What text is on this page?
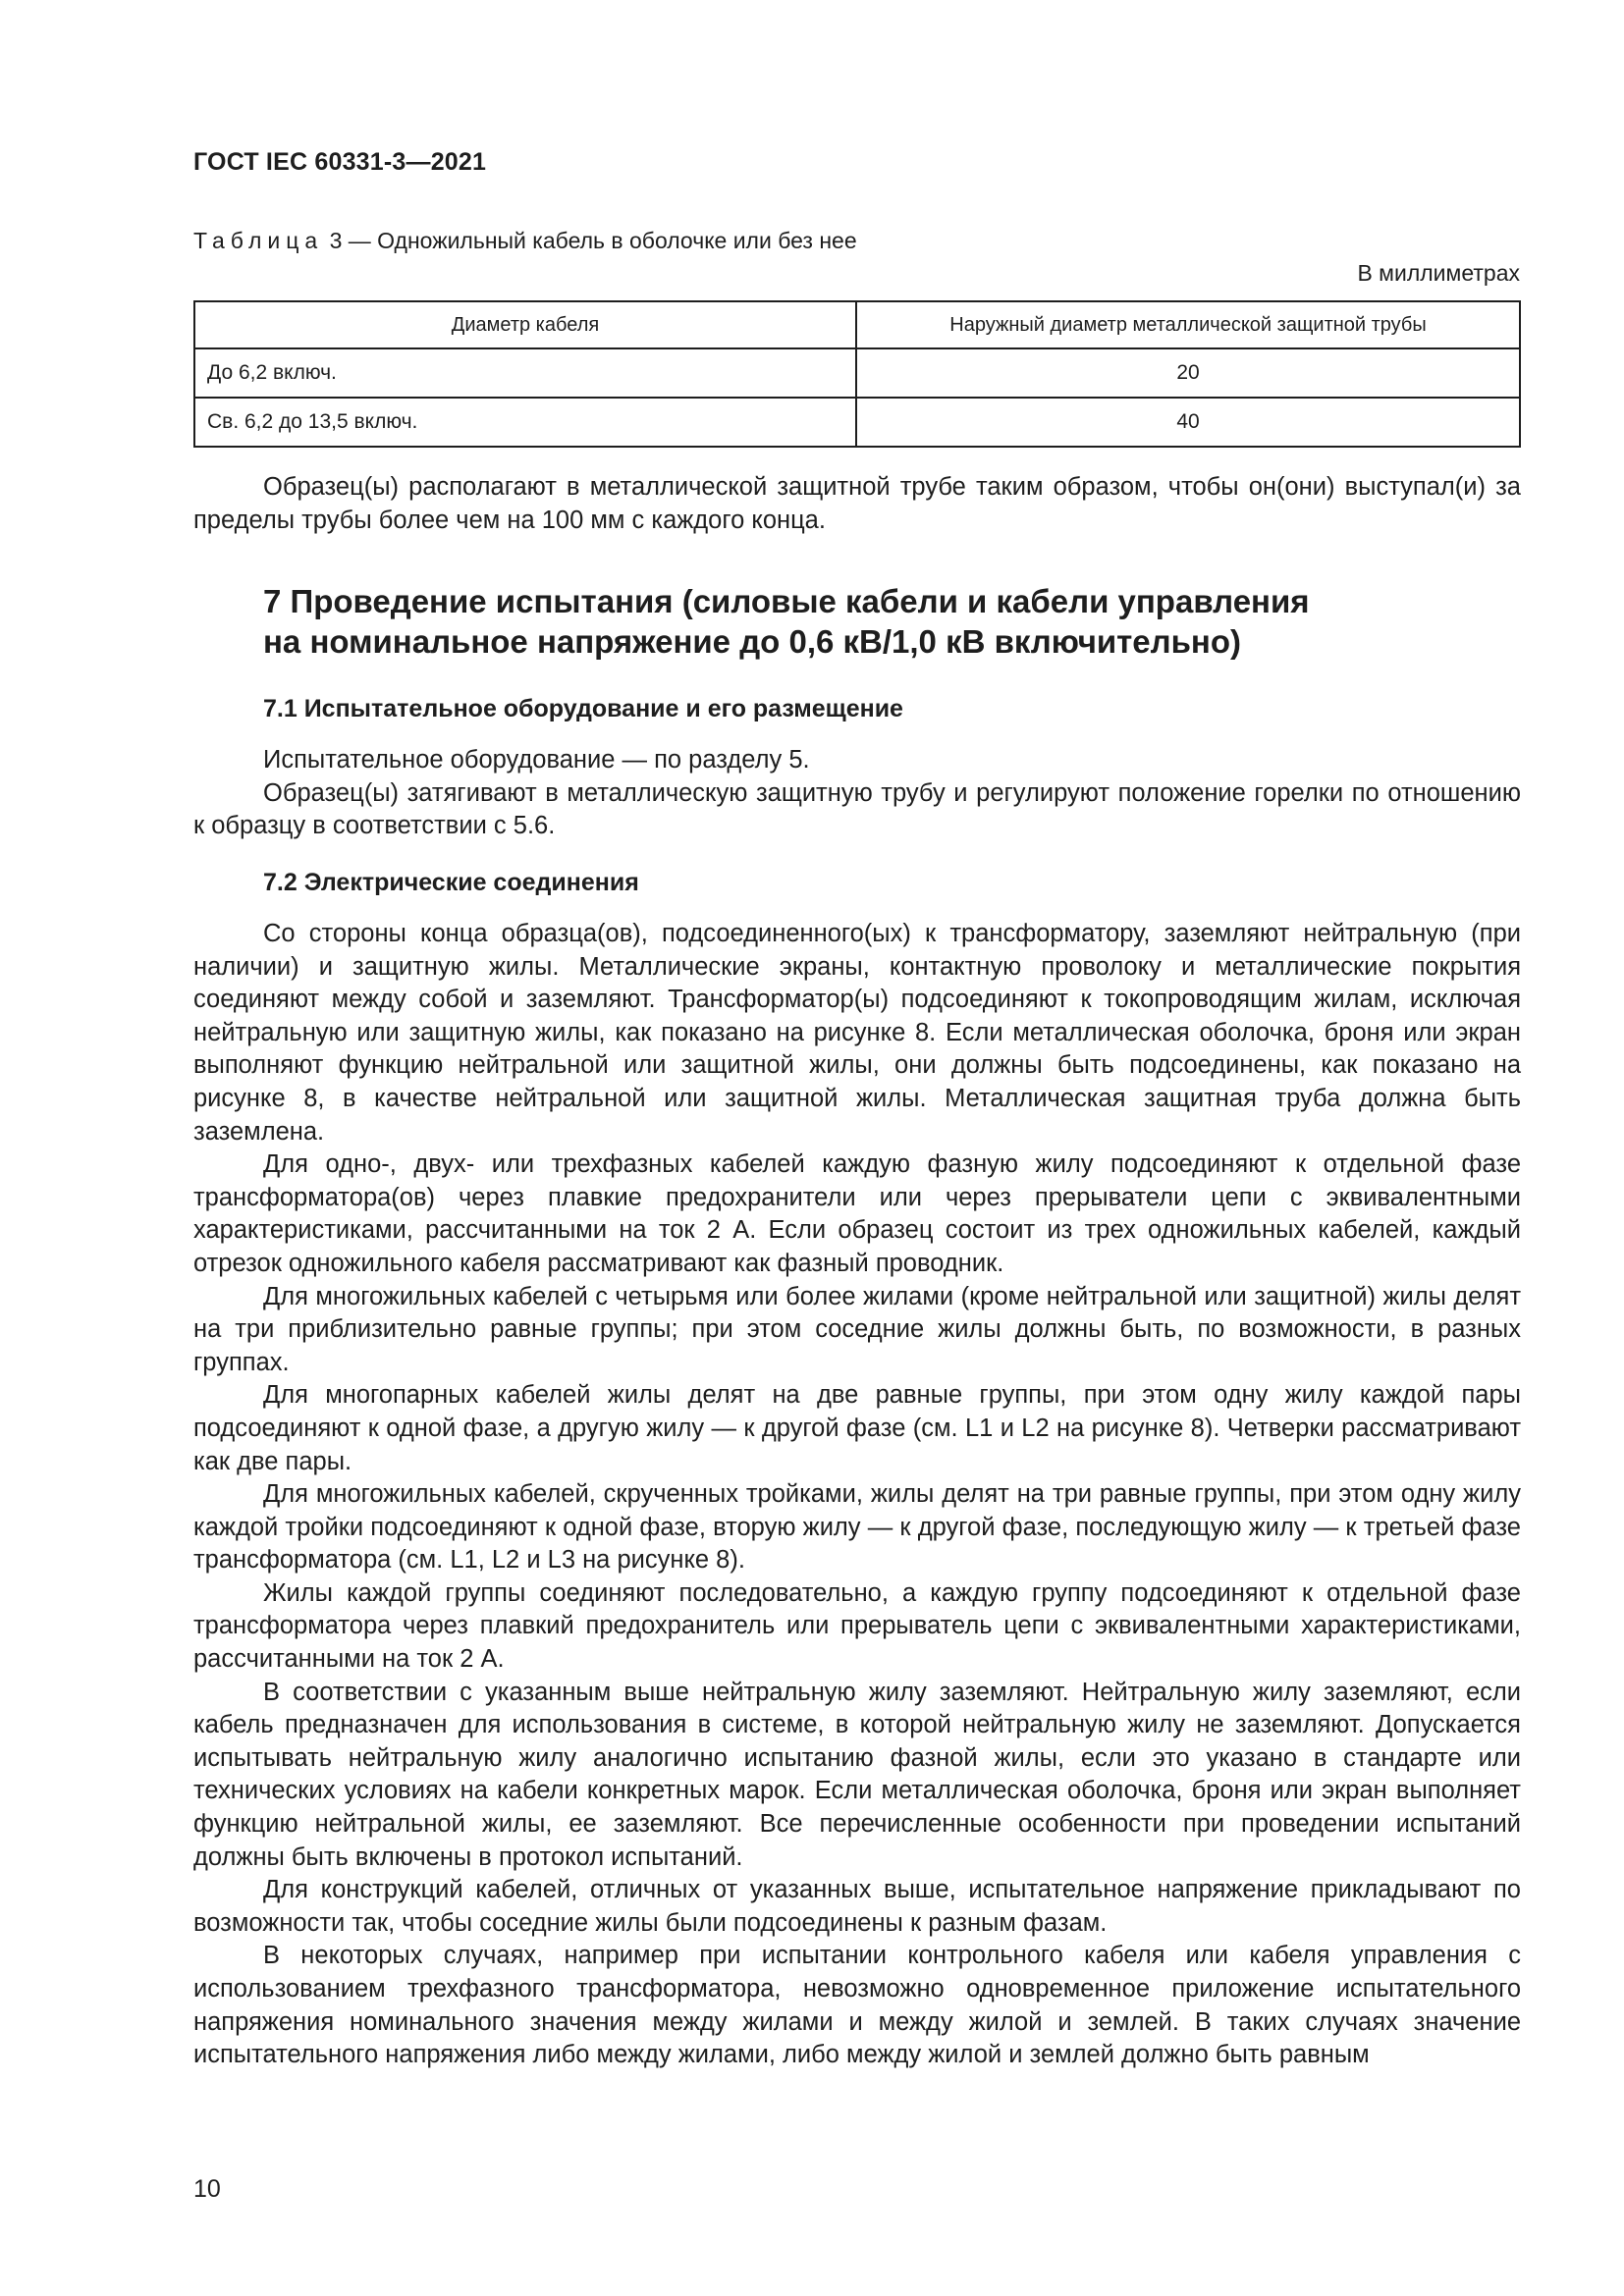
ГОСТ IEC 60331-3—2021
Таблица 3 — Одножильный кабель в оболочке или без нее
В миллиметрах
Диаметр кабеля	Наружный диаметр металлической защитной трубы
До 6,2 включ.	20
Св. 6,2 до 13,5 включ.	40

Образец(ы) располагают в металлической защитной трубе таким образом, чтобы он(они) выступал(и) за пределы трубы более чем на 100 мм с каждого конца.

7 Проведение испытания (силовые кабели и кабели управления
на номинальное напряжение до 0,6 кВ/1,0 кВ включительно)
7.1 Испытательное оборудование и его размещение

Испытательное оборудование — по разделу 5.

Образец(ы) затягивают в металлическую защитную трубу и регулируют положение горелки по отношению к образцу в соответствии с 5.6.

7.2 Электрические соединения

Со стороны конца образца(ов), подсоединенного(ых) к трансформатору, заземляют нейтральную (при наличии) и защитную жилы. Металлические экраны, контактную проволоку и металлические покрытия соединяют между собой и заземляют. Трансформатор(ы) подсоединяют к токопроводящим жилам, исключая нейтральную или защитную жилы, как показано на рисунке 8. Если металлическая оболочка, броня или экран выполняют функцию нейтральной или защитной жилы, они должны быть подсоединены, как показано на рисунке 8, в качестве нейтральной или защитной жилы. Металлическая защитная труба должна быть заземлена.

Для одно-, двух- или трехфазных кабелей каждую фазную жилу подсоединяют к отдельной фазе трансформатора(ов) через плавкие предохранители или через прерыватели цепи с эквивалентными характеристиками, рассчитанными на ток 2 А. Если образец состоит из трех одножильных кабелей, каждый отрезок одножильного кабеля рассматривают как фазный проводник.

Для многожильных кабелей с четырьмя или более жилами (кроме нейтральной или защитной) жилы делят на три приблизительно равные группы; при этом соседние жилы должны быть, по возможности, в разных группах.

Для многопарных кабелей жилы делят на две равные группы, при этом одну жилу каждой пары подсоединяют к одной фазе, а другую жилу — к другой фазе (см. L1 и L2 на рисунке 8). Четверки рассматривают как две пары.

Для многожильных кабелей, скрученных тройками, жилы делят на три равные группы, при этом одну жилу каждой тройки подсоединяют к одной фазе, вторую жилу — к другой фазе, последующую жилу — к третьей фазе трансформатора (см. L1, L2 и L3 на рисунке 8).

Жилы каждой группы соединяют последовательно, а каждую группу подсоединяют к отдельной фазе трансформатора через плавкий предохранитель или прерыватель цепи с эквивалентными характеристиками, рассчитанными на ток 2 А.

В соответствии с указанным выше нейтральную жилу заземляют. Нейтральную жилу заземляют, если кабель предназначен для использования в системе, в которой нейтральную жилу не заземляют. Допускается испытывать нейтральную жилу аналогично испытанию фазной жилы, если это указано в стандарте или технических условиях на кабели конкретных марок. Если металлическая оболочка, броня или экран выполняет функцию нейтральной жилы, ее заземляют. Все перечисленные особенности при проведении испытаний должны быть включены в протокол испытаний.

Для конструкций кабелей, отличных от указанных выше, испытательное напряжение прикладывают по возможности так, чтобы соседние жилы были подсоединены к разным фазам.

В некоторых случаях, например при испытании контрольного кабеля или кабеля управления с использованием трехфазного трансформатора, невозможно одновременное приложение испытательного напряжения номинального значения между жилами и между жилой и землей. В таких случаях значение испытательного напряжения либо между жилами, либо между жилой и землей должно быть равным

10
